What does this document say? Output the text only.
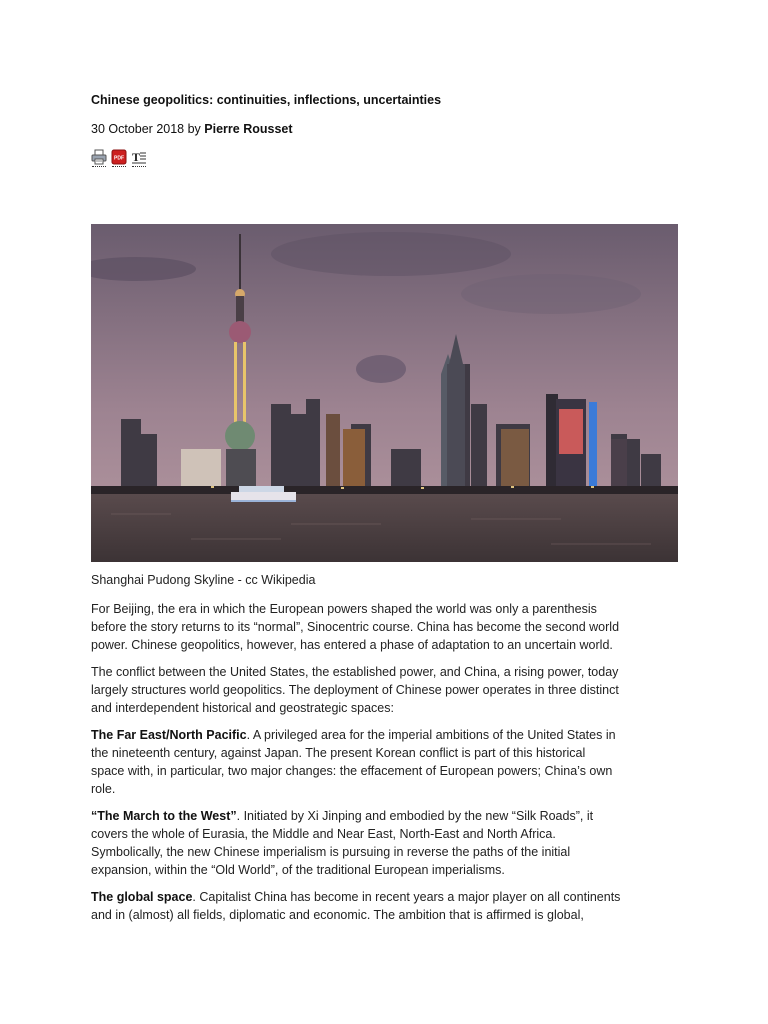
Chinese geopolitics: continuities, inflections, uncertainties
30 October 2018 by Pierre Rousset
PDF T
Shanghai Pudong Skyline - cc Wikipedia

For Beijing, the era in which the European powers shaped the world was only a parenthesis
before the story returns to its “normal”, Sinocentric course. China has become the second world
power. Chinese geopolitics, however, has entered a phase of adaptation to an uncertain world.

The conflict between the United States, the established power, and China, a rising power, today
largely structures world geopolitics. The deployment of Chinese power operates in three distinct
and interdependent historical and geostrategic spaces:

The Far East/North Pacific. A privileged area for the imperial ambitions of the United States in
the nineteenth century, against Japan. The present Korean conflict is part of this historical
space with, in particular, two major changes: the effacement of European powers; China’s own
role.

“The March to the West”. Initiated by Xi Jinping and embodied by the new “Silk Roads”, it
covers the whole of Eurasia, the Middle and Near East, North-East and North Africa.
Symbolically, the new Chinese imperialism is pursuing in reverse the paths of the initial
expansion, within the “Old World”, of the traditional European imperialisms.

The global space. Capitalist China has become in recent years a major player on all continents
and in (almost) all fields, diplomatic and economic. The ambition that is affirmed is global,
